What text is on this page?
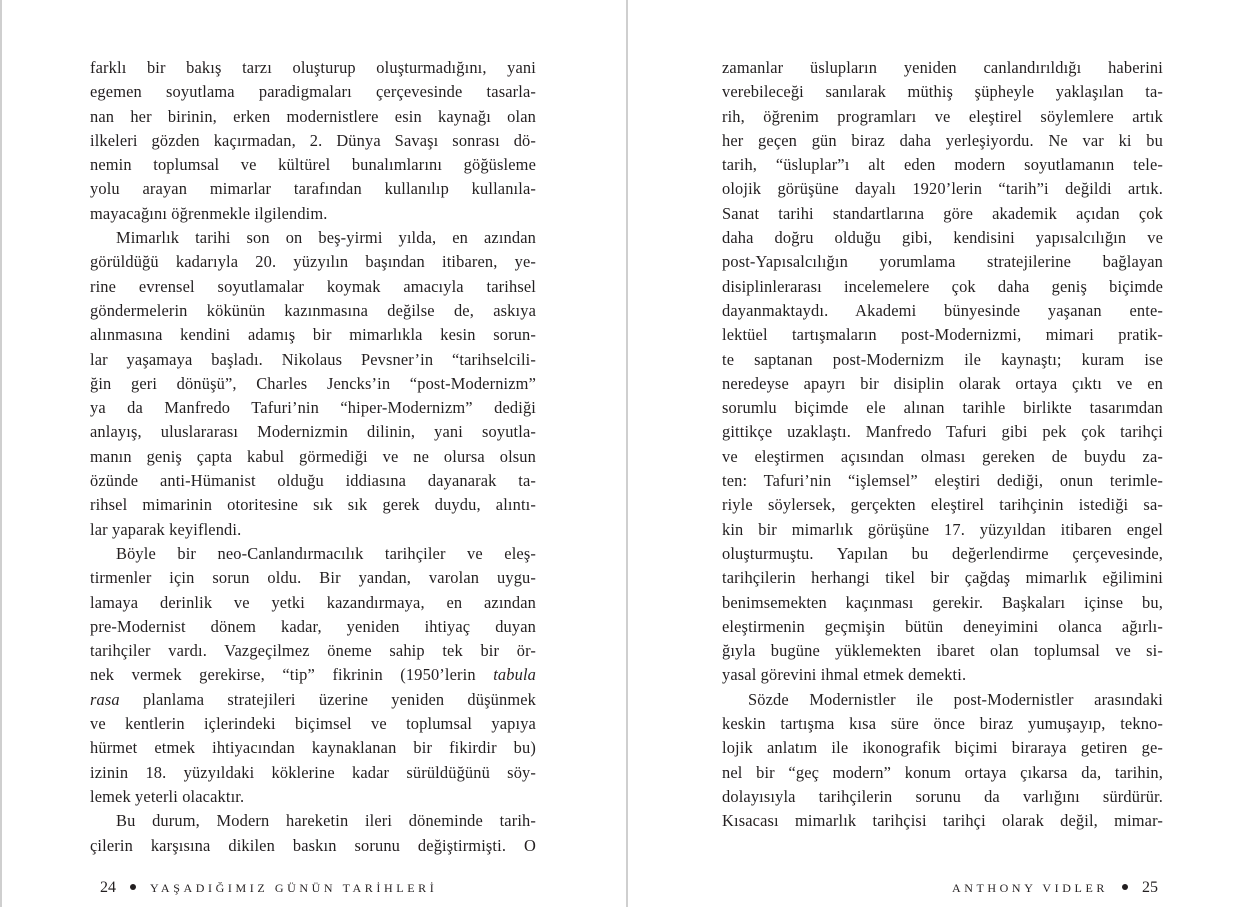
farklı bir bakış tarzı oluşturup oluşturmadığını, yani
egemen soyutlama paradigmaları çerçevesinde tasarla-
nan her birinin, erken modernistlere esin kaynağı olan
ilkeleri gözden kaçırmadan, 2. Dünya Savaşı sonrası dö-
nemin toplumsal ve kültürel bunalımlarını göğüsleme
yolu arayan mimarlar tarafından kullanılıp kullanıla-
mayacağını öğrenmekle ilgilendim.
Mimarlık tarihi son on beş-yirmi yılda, en azından
görüldüğü kadarıyla 20. yüzyılın başından itibaren, ye-
rine evrensel soyutlamalar koymak amacıyla tarihsel
göndermelerin kökünün kazınmasına değilse de, askıya
alınmasına kendini adamış bir mimarlıkla kesin sorun-
lar yaşamaya başladı. Nikolaus Pevsner’in “tarihselcili-
ğin geri dönüşü”, Charles Jencks’in “post-Modernizm”
ya da Manfredo Tafuri’nin “hiper-Modernizm” dediği
anlayış, uluslararası Modernizmin dilinin, yani soyutla-
manın geniş çapta kabul görmediği ve ne olursa olsun
özünde anti-Hümanist olduğu iddiasına dayanarak ta-
rihsel mimarinin otoritesine sık sık gerek duydu, alıntı-
lar yaparak keyiflendi.
Böyle bir neo-Canlandırmacılık tarihçiler ve eleş-
tirmenler için sorun oldu. Bir yandan, varolan uygu-
lamaya derinlik ve yetki kazandırmaya, en azından
pre-Modernist dönem kadar, yeniden ihtiyaç duyan
tarihçiler vardı. Vazgeçilmez öneme sahip tek bir ör-
nek vermek gerekirse, “tip” fikrinin (1950’lerin tabula
rasa planlama stratejileri üzerine yeniden düşünmek
ve kentlerin içlerindeki biçimsel ve toplumsal yapıya
hürmet etmek ihtiyacından kaynaklanan bir fikirdir bu)
izinin 18. yüzyıldaki köklerine kadar sürüldüğünü söy-
lemek yeterli olacaktır.
Bu durum, Modern hareketin ileri döneminde tarih-
çilerin karşısına dikilen baskın sorunu değiştirmişti. O
24	YAŞADIĞIMIZ GÜNÜN TARİHLERİ
zamanlar üslupların yeniden canlandırıldığı haberini
verebileceği sanılarak müthiş şüpheyle yaklaşılan ta-
rih, öğrenim programları ve eleştirel söylemlere artık
her geçen gün biraz daha yerleşiyordu. Ne var ki bu
tarih, “üsluplar”ı alt eden modern soyutlamanın tele-
olojik görüşüne dayalı 1920’lerin “tarih”i değildi artık.
Sanat tarihi standartlarına göre akademik açıdan çok
daha doğru olduğu gibi, kendisini yapısalcılığın ve
post-Yapısalcılığın yorumlama stratejilerine bağlayan
disiplinlerarası incelemelere çok daha geniş biçimde
dayanmaktaydı. Akademi bünyesinde yaşanan ente-
lektüel tartışmaların post-Modernizmi, mimari pratik-
te saptanan post-Modernizm ile kaynaştı; kuram ise
neredeyse apayrı bir disiplin olarak ortaya çıktı ve en
sorumlu biçimde ele alınan tarihle birlikte tasarımdan
gittikçe uzaklaştı. Manfredo Tafuri gibi pek çok tarihçi
ve eleştirmen açısından olması gereken de buydu za-
ten: Tafuri’nin “işlemsel” eleştiri dediği, onun terimle-
riyle söylersek, gerçekten eleştirel tarihçinin istediği sa-
kin bir mimarlık görüşüne 17. yüzyıldan itibaren engel
oluşturmuştu. Yapılan bu değerlendirme çerçevesinde,
tarihçilerin herhangi tikel bir çağdaş mimarlık eğilimini
benimsemekten kaçınması gerekir. Başkaları içinse bu,
eleştirmenin geçmişin bütün deneyimini olanca ağırlı-
ğıyla bugüne yüklemekten ibaret olan toplumsal ve si-
yasal görevini ihmal etmek demekti.
Sözde Modernistler ile post-Modernistler arasındaki
keskin tartışma kısa süre önce biraz yumuşayıp, tekno-
lojik anlatım ile ikonografik biçimi biraraya getiren ge-
nel bir “geç modern” konum ortaya çıkarsa da, tarihin,
dolayısıyla tarihçilerin sorunu da varlığını sürdürür.
Kısacası mimarlık tarihçisi tarihçi olarak değil, mimar-
ANTHONY VIDLER 25
